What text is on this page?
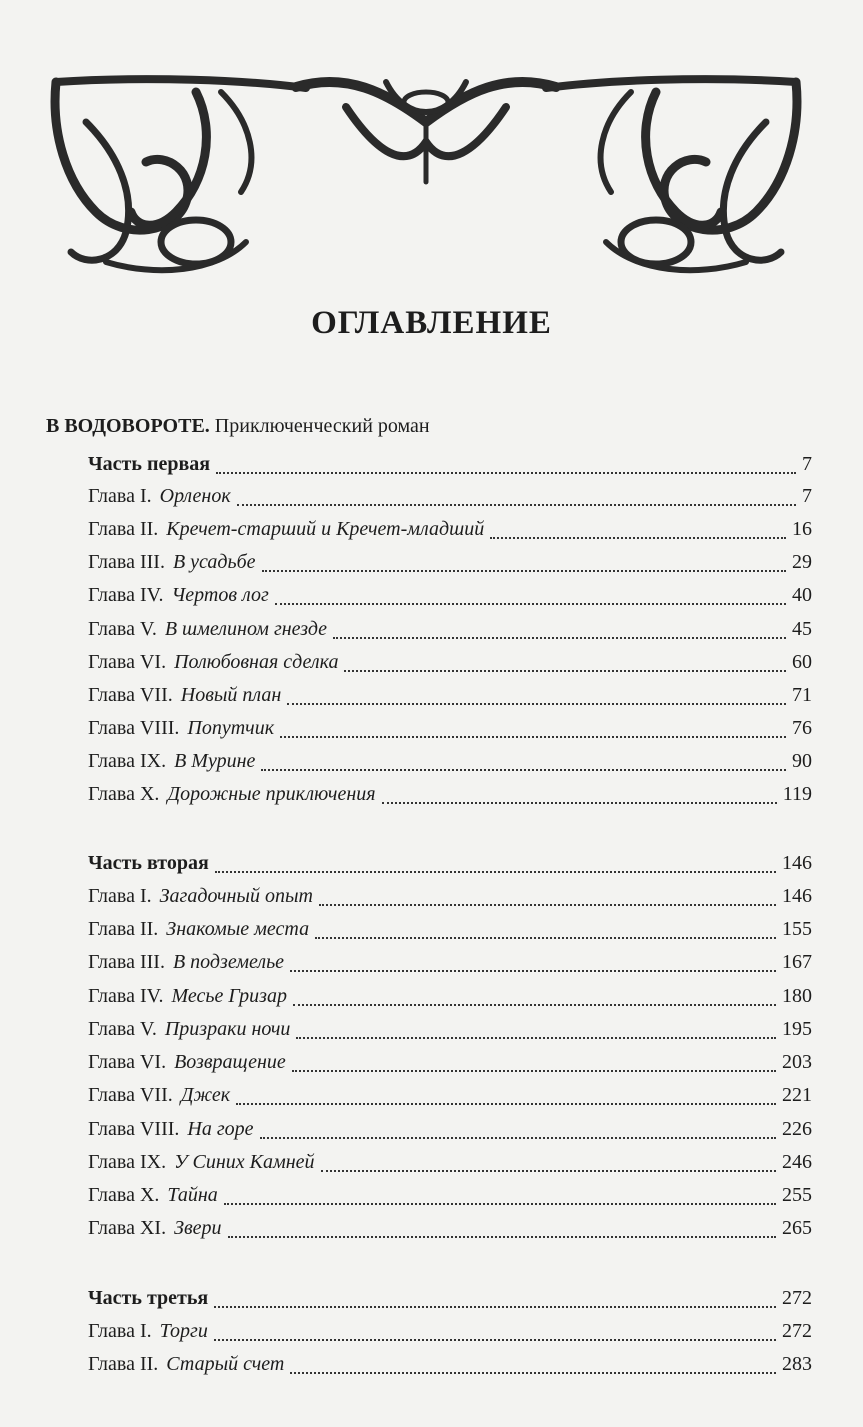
ОГЛАВЛЕНИЕ
В ВОДОВОРОТЕ. Приключенческий роман
Часть первая	7
Глава I. Орленок	7
Глава II. Кречет-старший и Кречет-младший	16
Глава III. В усадьбе	29
Глава IV. Чертов лог	40
Глава V. В шмелином гнезде	45
Глава VI. Полюбовная сделка	60
Глава VII. Новый план	71
Глава VIII. Попутчик	76
Глава IX. В Мурине	90
Глава X. Дорожные приключения	119
Часть вторая	146
Глава I. Загадочный опыт	146
Глава II. Знакомые места	155
Глава III. В подземелье	167
Глава IV. Месье Гризар	180
Глава V. Призраки ночи	195
Глава VI. Возвращение	203
Глава VII. Джек	221
Глава VIII. На горе	226
Глава IX. У Синих Камней	246
Глава X. Тайна	255
Глава XI. Звери	265
Часть третья	272
Глава I. Торги	272
Глава II. Старый счет	283
